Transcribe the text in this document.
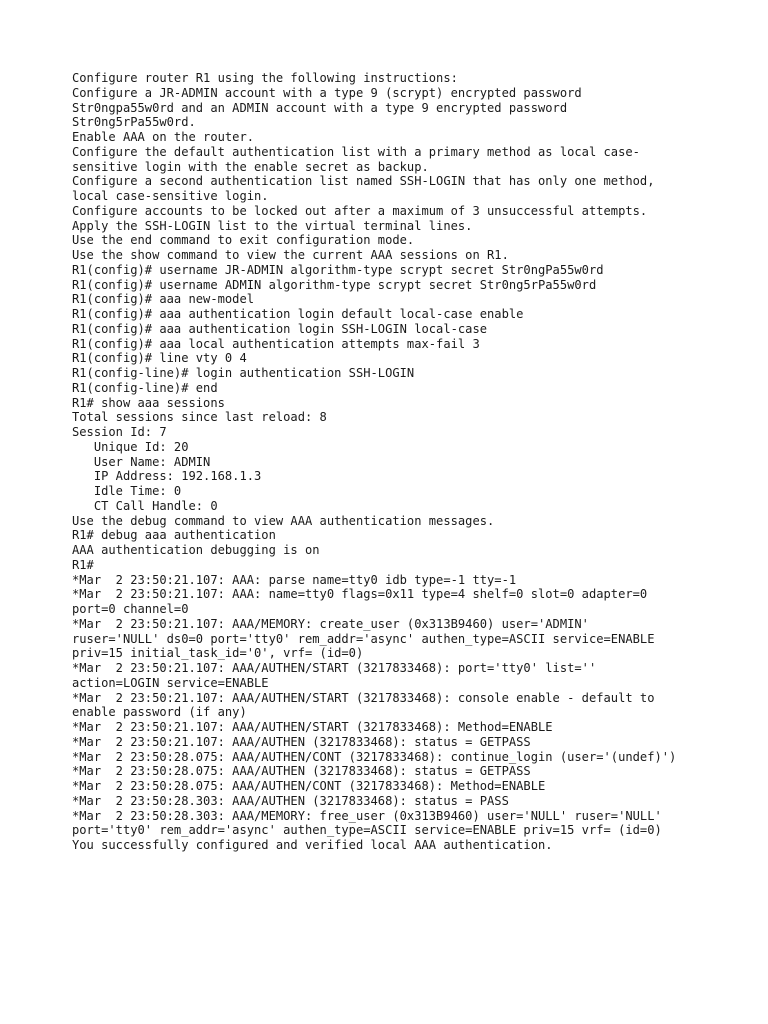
Configure router R1 using the following instructions:
Configure a JR-ADMIN account with a type 9 (scrypt) encrypted password
Str0ngpa55w0rd and an ADMIN account with a type 9 encrypted password
Str0ng5rPa55w0rd.
Enable AAA on the router.
Configure the default authentication list with a primary method as local case-
sensitive login with the enable secret as backup.
Configure a second authentication list named SSH-LOGIN that has only one method,
local case-sensitive login.
Configure accounts to be locked out after a maximum of 3 unsuccessful attempts.
Apply the SSH-LOGIN list to the virtual terminal lines.
Use the end command to exit configuration mode.
Use the show command to view the current AAA sessions on R1.
R1(config)# username JR-ADMIN algorithm-type scrypt secret Str0ngPa55w0rd
R1(config)# username ADMIN algorithm-type scrypt secret Str0ng5rPa55w0rd
R1(config)# aaa new-model
R1(config)# aaa authentication login default local-case enable
R1(config)# aaa authentication login SSH-LOGIN local-case
R1(config)# aaa local authentication attempts max-fail 3
R1(config)# line vty 0 4
R1(config-line)# login authentication SSH-LOGIN
R1(config-line)# end
R1# show aaa sessions
Total sessions since last reload: 8
Session Id: 7
Unique Id: 20
User Name: ADMIN
IP Address: 192.168.1.3
Idle Time: 0
CT Call Handle: 0
Use the debug command to view AAA authentication messages.
R1# debug aaa authentication
AAA authentication debugging is on
R1#
*Mar  2 23:50:21.107: AAA: parse name=tty0 idb type=-1 tty=-1
*Mar  2 23:50:21.107: AAA: name=tty0 flags=0x11 type=4 shelf=0 slot=0 adapter=0
port=0 channel=0
*Mar  2 23:50:21.107: AAA/MEMORY: create_user (0x313B9460) user='ADMIN'
ruser='NULL' ds0=0 port='tty0' rem_addr='async' authen_type=ASCII service=ENABLE
priv=15 initial_task_id='0', vrf= (id=0)
*Mar  2 23:50:21.107: AAA/AUTHEN/START (3217833468): port='tty0' list=''
action=LOGIN service=ENABLE
*Mar  2 23:50:21.107: AAA/AUTHEN/START (3217833468): console enable - default to
enable password (if any)
*Mar  2 23:50:21.107: AAA/AUTHEN/START (3217833468): Method=ENABLE
*Mar  2 23:50:21.107: AAA/AUTHEN (3217833468): status = GETPASS
*Mar  2 23:50:28.075: AAA/AUTHEN/CONT (3217833468): continue_login (user='(undef)')
*Mar  2 23:50:28.075: AAA/AUTHEN (3217833468): status = GETPASS
*Mar  2 23:50:28.075: AAA/AUTHEN/CONT (3217833468): Method=ENABLE
*Mar  2 23:50:28.303: AAA/AUTHEN (3217833468): status = PASS
*Mar  2 23:50:28.303: AAA/MEMORY: free_user (0x313B9460) user='NULL' ruser='NULL'
port='tty0' rem_addr='async' authen_type=ASCII service=ENABLE priv=15 vrf= (id=0)
You successfully configured and verified local AAA authentication.
